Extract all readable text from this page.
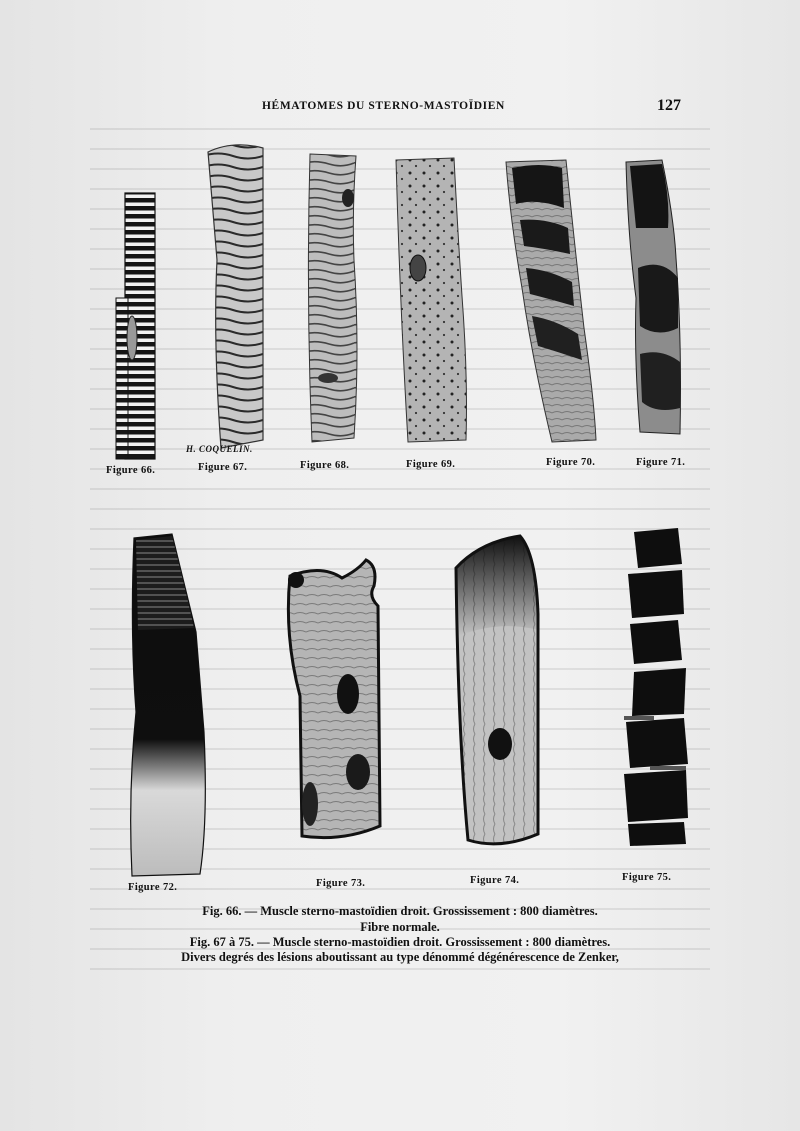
HÉMATOMES DU STERNO-MASTOÏDIEN	127
H. COQUELIN.
Figure 66.	Figure 67.	Figure 68.	Figure 69.	Figure 70.	Figure 71.
Figure 72.	Figure 73.	Figure 74.	Figure 75.
Fig. 66. — Muscle sterno-mastoïdien droit. Grossissement : 800 diamètres.
Fibre normale.
Fig. 67 à 75. — Muscle sterno-mastoïdien droit. Grossissement : 800 diamètres.
Divers degrés des lésions aboutissant au type dénommé dégénérescence de Zenker,
